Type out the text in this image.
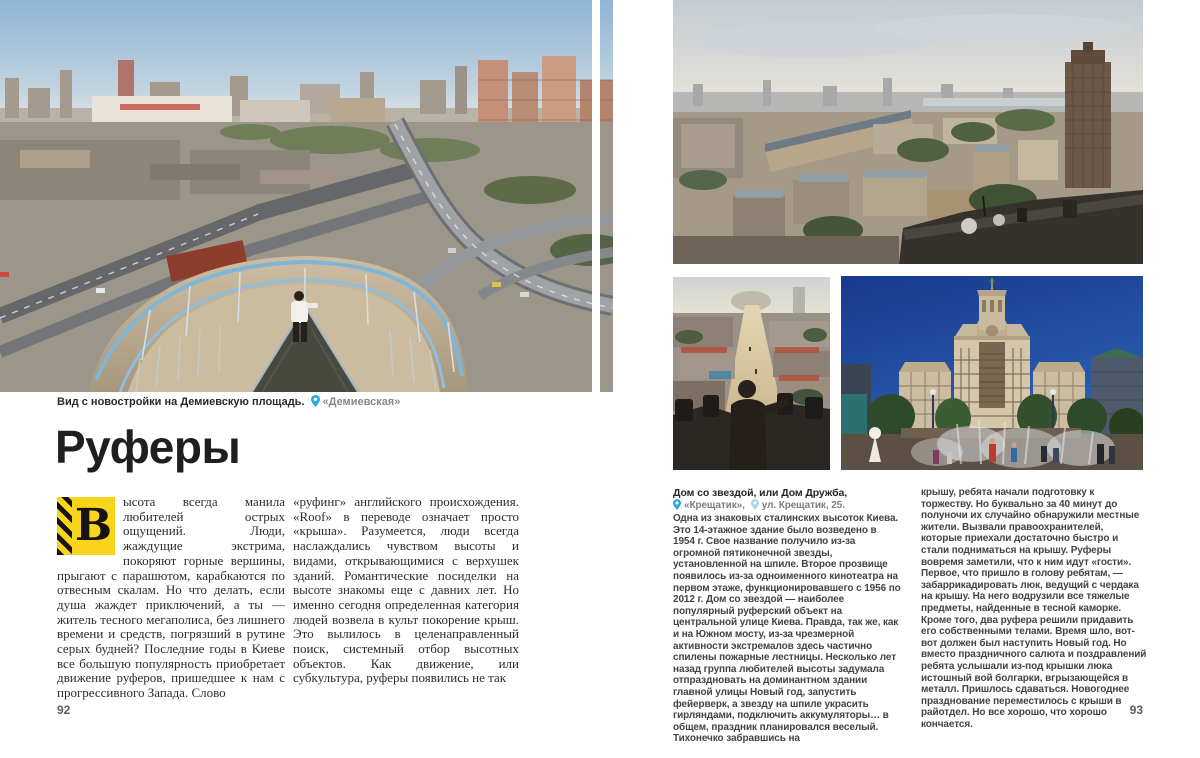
Вид с новостройки на Демиевскую площадь. «Демиевская»
Руферы
В ысота всегда манила любителей острых ощущений. Люди, жаждущие экстрима, покоряют горные вершины, прыгают с парашютом, карабкаются по отвесным скалам. Но что делать, если душа жаждет приключений, а ты — житель тесного мегаполиса, без лишнего времени и средств, погрязший в рутине серых будней? Последние годы в Киеве все большую популярность приобретает движение руферов, пришедшее к нам с прогрессивного Запада. Слово
«руфинг» английского происхождения. «Roof» в переводе означает просто «крыша». Разумеется, люди всегда наслаждались чувством высоты и видами, открывающимися с верхушек зданий. Романтические посиделки на высоте знакомы еще с давних лет. Но именно сегодня определенная категория людей возвела в культ покорение крыш. Это вылилось в целенаправленный поиск, системный отбор высотных объектов. Как движение, или субкультура, руферы появились не так
92
Дом со звездой, или Дом Дружба,
«Крещатик», ул. Крещатик, 25.
Одна из знаковых сталинских высоток Киева. Это 14-этажное здание было возведено в 1954 г. Свое название получило из-за огромной пятиконечной звезды, установленной на шпиле. Второе прозвище появилось из-за одноименного кинотеатра на первом этаже, функционировавшего с 1956 по 2012 г. Дом со звездой — наиболее популярный руферский объект на центральной улице Киева. Правда, так же, как и на Южном мосту, из-за чрезмерной активности экстремалов здесь частично спилены пожарные лестницы. Несколько лет назад группа любителей высоты задумала отпраздновать на доминантном здании главной улицы Новый год, запустить фейерверк, а звезду на шпиле украсить гирляндами, подключить аккумуляторы… в общем, праздник планировался веселый. Тихонечко забравшись на
крышу, ребята начали подготовку к торжеству. Но буквально за 40 минут до полуночи их случайно обнаружили местные жители. Вызвали правоохранителей, которые приехали достаточно быстро и стали подниматься на крышу. Руферы вовремя заметили, что к ним идут «гости». Первое, что пришло в голову ребятам, — забаррикадировать люк, ведущий с чердака на крышу. На него водрузили все тяжелые предметы, найденные в тесной каморке. Кроме того, два руфера решили придавить его собственными телами. Время шло, вот-вот должен был наступить Новый год. Но вместо праздничного салюта и поздравлений ребята услышали из-под крышки люка истошный вой болгарки, вгрызающейся в металл. Пришлось сдаваться. Новогоднее празднование переместилось с крыши в райотдел. Но все хорошо, что хорошо кончается.
93
